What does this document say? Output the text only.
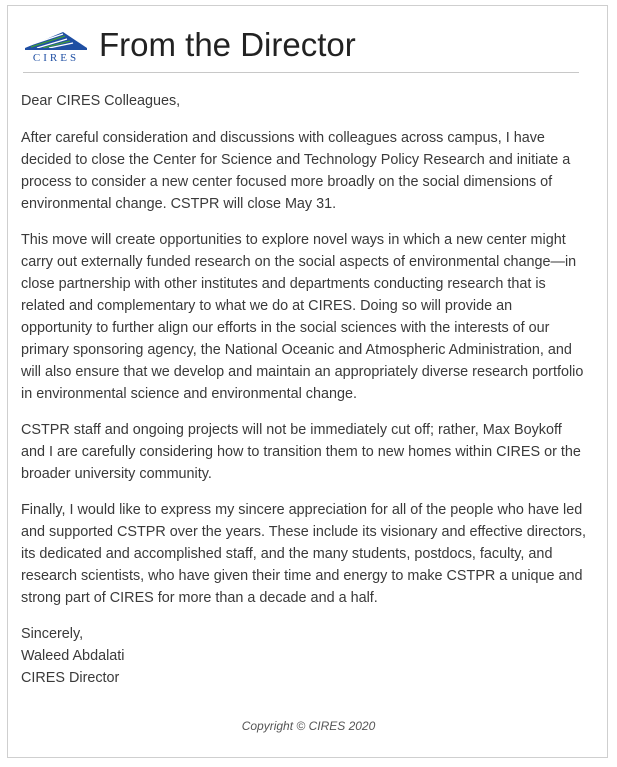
CIRES From the Director

Dear CIRES Colleagues,

After careful consideration and discussions with colleagues across campus, I have decided to close the Center for Science and Technology Policy Research and initiate a process to consider a new center focused more broadly on the social dimensions of environmental change. CSTPR will close May 31.

This move will create opportunities to explore novel ways in which a new center might carry out externally funded research on the social aspects of environmental change—in close partnership with other institutes and departments conducting research that is related and complementary to what we do at CIRES. Doing so will provide an opportunity to further align our efforts in the social sciences with the interests of our primary sponsoring agency, the National Oceanic and Atmospheric Administration, and will also ensure that we develop and maintain an appropriately diverse research portfolio in environmental science and environmental change.

CSTPR staff and ongoing projects will not be immediately cut off; rather, Max Boykoff and I are carefully considering how to transition them to new homes within CIRES or the broader university community.

Finally, I would like to express my sincere appreciation for all of the people who have led and supported CSTPR over the years. These include its visionary and effective directors, its dedicated and accomplished staff, and the many students, postdocs, faculty, and research scientists, who have given their time and energy to make CSTPR a unique and strong part of CIRES for more than a decade and a half.

Sincerely,
Waleed Abdalati
CIRES Director

Copyright © CIRES 2020
